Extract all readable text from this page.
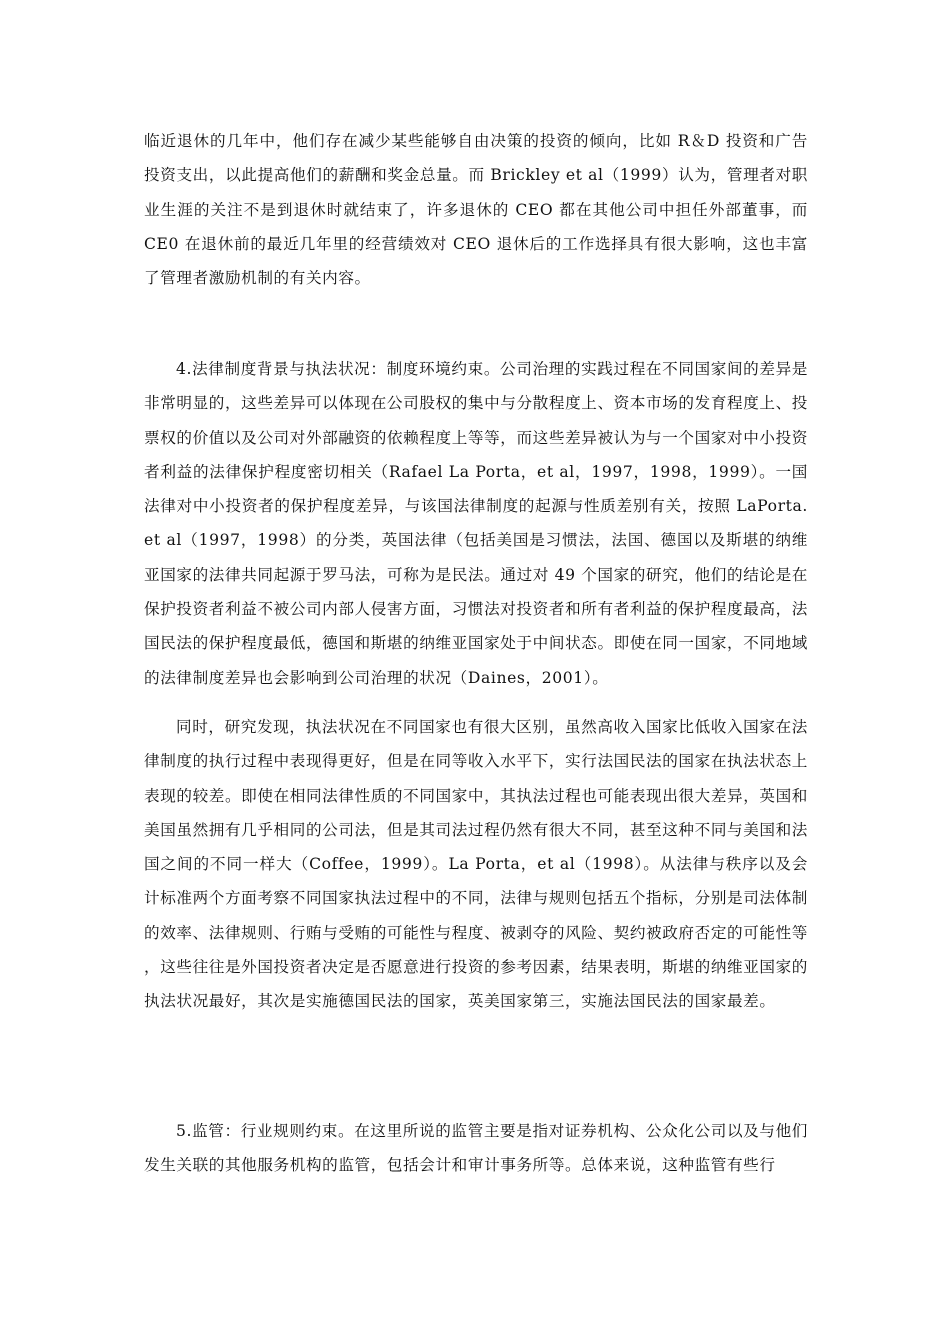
临近退休的几年中，他们存在减少某些能够自由决策的投资的倾向，比如 R＆D 投资和广告投资支出，以此提高他们的薪酬和奖金总量。而 Brickley et al（1999）认为，管理者对职业生涯的关注不是到退休时就结束了，许多退休的 CEO 都在其他公司中担任外部董事，而 CE0 在退休前的最近几年里的经营绩效对 CEO 退休后的工作选择具有很大影响，这也丰富了管理者激励机制的有关内容。

4.法律制度背景与执法状况：制度环境约束。公司治理的实践过程在不同国家间的差异是非常明显的，这些差异可以体现在公司股权的集中与分散程度上、资本市场的发育程度上、投票权的价值以及公司对外部融资的依赖程度上等等，而这些差异被认为与一个国家对中小投资者利益的法律保护程度密切相关（Rafael La Porta，et al，1997，1998，1999）。一国法律对中小投资者的保护程度差异，与该国法律制度的起源与性质差别有关，按照 LaPorta.et al（1997，1998）的分类，英国法律（包括美国是习惯法，法国、德国以及斯堪的纳维亚国家的法律共同起源于罗马法，可称为是民法。通过对 49 个国家的研究，他们的结论是在保护投资者利益不被公司内部人侵害方面，习惯法对投资者和所有者利益的保护程度最高，法国民法的保护程度最低，德国和斯堪的纳维亚国家处于中间状态。即使在同一国家，不同地域的法律制度差异也会影响到公司治理的状况（Daines，2001）。

同时，研究发现，执法状况在不同国家也有很大区别，虽然高收入国家比低收入国家在法律制度的执行过程中表现得更好，但是在同等收入水平下，实行法国民法的国家在执法状态上表现的较差。即使在相同法律性质的不同国家中，其执法过程也可能表现出很大差异，英国和美国虽然拥有几乎相同的公司法，但是其司法过程仍然有很大不同，甚至这种不同与美国和法国之间的不同一样大（Coffee，1999）。La Porta，et al（1998）。从法律与秩序以及会计标准两个方面考察不同国家执法过程中的不同，法律与规则包括五个指标，分别是司法体制的效率、法律规则、行贿与受贿的可能性与程度、被剥夺的风险、契约被政府否定的可能性等，这些往往是外国投资者决定是否愿意进行投资的参考因素，结果表明，斯堪的纳维亚国家的执法状况最好，其次是实施德国民法的国家，英美国家第三，实施法国民法的国家最差。

5.监管：行业规则约束。在这里所说的监管主要是指对证券机构、公众化公司以及与他们发生关联的其他服务机构的监管，包括会计和审计事务所等。总体来说，这种监管有些行
